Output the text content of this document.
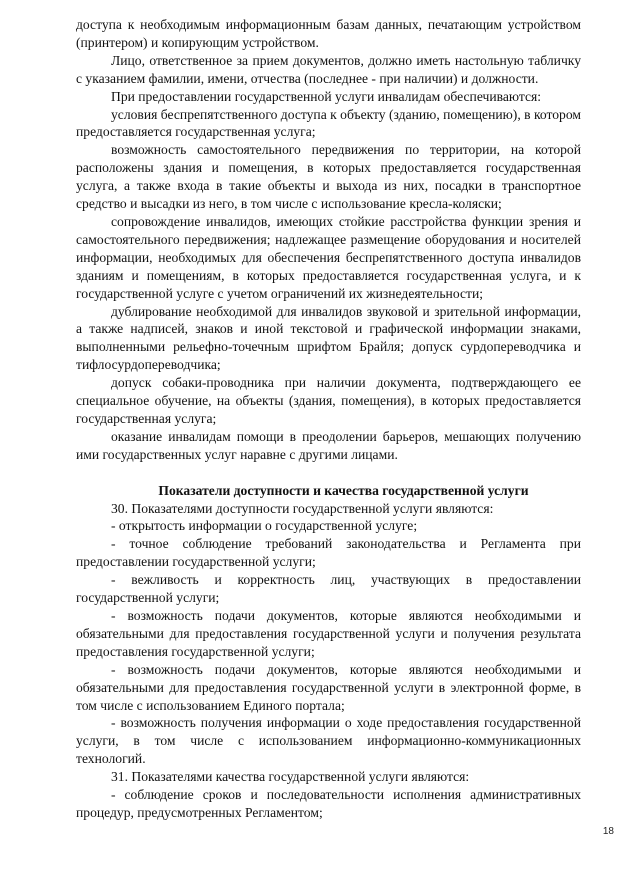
доступа к необходимым информационным базам данных, печатающим устройством (принтером) и копирующим устройством.

Лицо, ответственное за прием документов, должно иметь настольную табличку с указанием фамилии, имени, отчества (последнее - при наличии) и должности.

При предоставлении государственной услуги инвалидам обеспечиваются:

условия беспрепятственного доступа к объекту (зданию, помещению), в котором предоставляется государственная услуга;

возможность самостоятельного передвижения по территории, на которой расположены здания и помещения, в которых предоставляется государственная услуга, а также входа в такие объекты и выхода из них, посадки в транспортное средство и высадки из него, в том числе с использование кресла-коляски;

сопровождение инвалидов, имеющих стойкие расстройства функции зрения и самостоятельного передвижения; надлежащее размещение оборудования и носителей информации, необходимых для обеспечения беспрепятственного доступа инвалидов зданиям и помещениям, в которых предоставляется государственная услуга, и к государственной услуге с учетом ограничений их жизнедеятельности;

дублирование необходимой для инвалидов звуковой и зрительной информации, а также надписей, знаков и иной текстовой и графической информации знаками, выполненными рельефно-точечным шрифтом Брайля; допуск сурдопереводчика и тифлосурдопереводчика;

допуск собаки-проводника при наличии документа, подтверждающего ее специальное обучение, на объекты (здания, помещения), в которых предоставляется государственная услуга;

оказание инвалидам помощи в преодолении барьеров, мешающих получению ими государственных услуг наравне с другими лицами.

Показатели доступности и качества государственной услуги

30. Показателями доступности государственной услуги являются:

- открытость информации о государственной услуге;

- точное соблюдение требований законодательства и Регламента при предоставлении государственной услуги;

- вежливость и корректность лиц, участвующих в предоставлении государственной услуги;

- возможность подачи документов, которые являются необходимыми и обязательными для предоставления государственной услуги и получения результата предоставления государственной услуги;

- возможность подачи документов, которые являются необходимыми и обязательными для предоставления государственной услуги в электронной форме, в том числе с использованием Единого портала;

- возможность получения информации о ходе предоставления государственной услуги, в том числе с использованием информационно-коммуникационных технологий.

31. Показателями качества государственной услуги являются:

- соблюдение сроков и последовательности исполнения административных процедур, предусмотренных Регламентом;

18
